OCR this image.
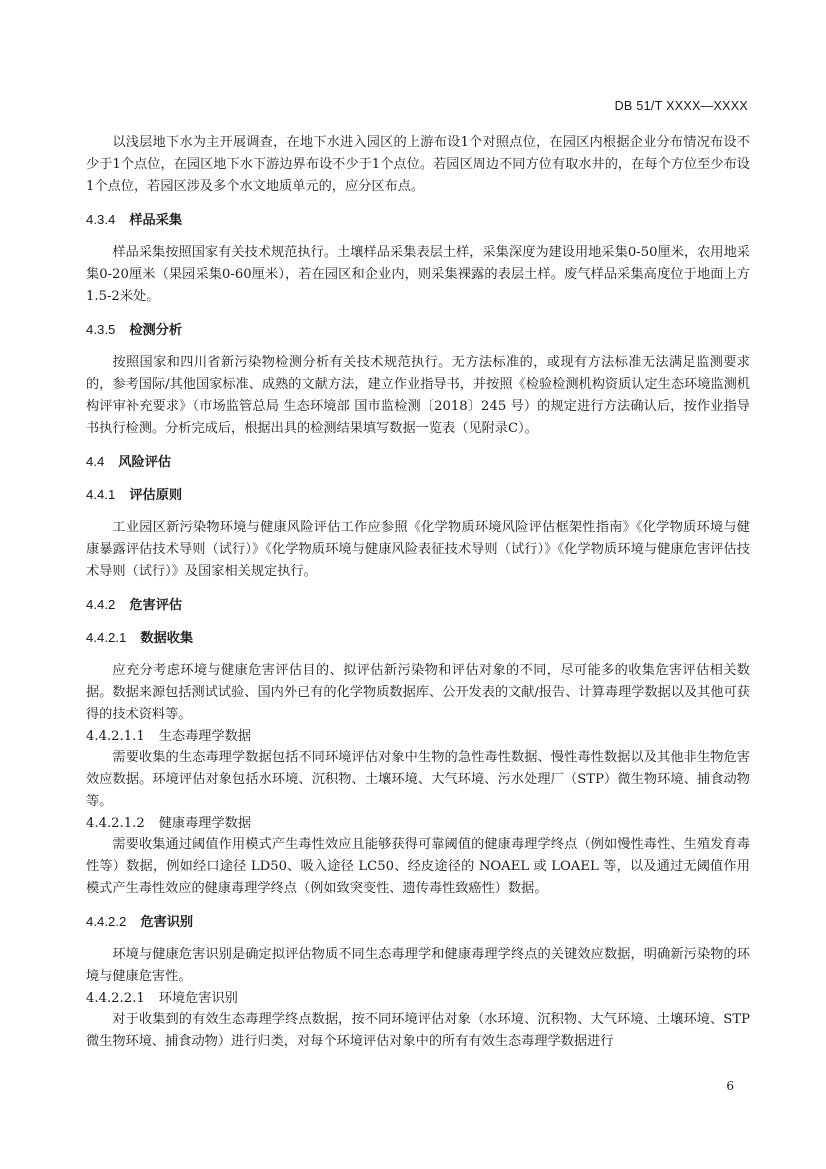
DB 51/T XXXX—XXXX

以浅层地下水为主开展调查，在地下水进入园区的上游布设1个对照点位，在园区内根据企业分布情况布设不少于1个点位，在园区地下水下游边界布设不少于1个点位。若园区周边不同方位有取水井的，在每个方位至少布设1个点位，若园区涉及多个水文地质单元的，应分区布点。

4.3.4 样品采集

样品采集按照国家有关技术规范执行。土壤样品采集表层土样，采集深度为建设用地采集0-50厘米，农用地采集0-20厘米（果园采集0-60厘米），若在园区和企业内，则采集裸露的表层土样。废气样品采集高度位于地面上方1.5-2米处。

4.3.5 检测分析

按照国家和四川省新污染物检测分析有关技术规范执行。无方法标准的，或现有方法标准无法满足监测要求的，参考国际/其他国家标准、成熟的文献方法，建立作业指导书，并按照《检验检测机构资质认定生态环境监测机构评审补充要求》（市场监管总局 生态环境部 国市监检测〔2018〕245 号）的规定进行方法确认后，按作业指导书执行检测。分析完成后，根据出具的检测结果填写数据一览表（见附录C）。

4.4 风险评估
4.4.1 评估原则

工业园区新污染物环境与健康风险评估工作应参照《化学物质环境风险评估框架性指南》《化学物质环境与健康暴露评估技术导则（试行）》《化学物质环境与健康风险表征技术导则（试行）》《化学物质环境与健康危害评估技术导则（试行）》及国家相关规定执行。

4.4.2 危害评估
4.4.2.1 数据收集

应充分考虑环境与健康危害评估目的、拟评估新污染物和评估对象的不同，尽可能多的收集危害评估相关数据。数据来源包括测试试验、国内外已有的化学物质数据库、公开发表的文献/报告、计算毒理学数据以及其他可获得的技术资料等。

4.4.2.1.1 生态毒理学数据

需要收集的生态毒理学数据包括不同环境评估对象中生物的急性毒性数据、慢性毒性数据以及其他非生物危害效应数据。环境评估对象包括水环境、沉积物、土壤环境、大气环境、污水处理厂（STP）微生物环境、捕食动物等。

4.4.2.1.2 健康毒理学数据

需要收集通过阈值作用模式产生毒性效应且能够获得可靠阈值的健康毒理学终点（例如慢性毒性、生殖发育毒性等）数据，例如经口途径 LD50、吸入途径 LC50、经皮途径的 NOAEL 或 LOAEL 等，以及通过无阈值作用模式产生毒性效应的健康毒理学终点（例如致突变性、遗传毒性致癌性）数据。

4.4.2.2 危害识别

环境与健康危害识别是确定拟评估物质不同生态毒理学和健康毒理学终点的关键效应数据，明确新污染物的环境与健康危害性。

4.4.2.2.1 环境危害识别

对于收集到的有效生态毒理学终点数据，按不同环境评估对象（水环境、沉积物、大气环境、土壤环境、STP微生物环境、捕食动物）进行归类，对每个环境评估对象中的所有有效生态毒理学数据进行

6
